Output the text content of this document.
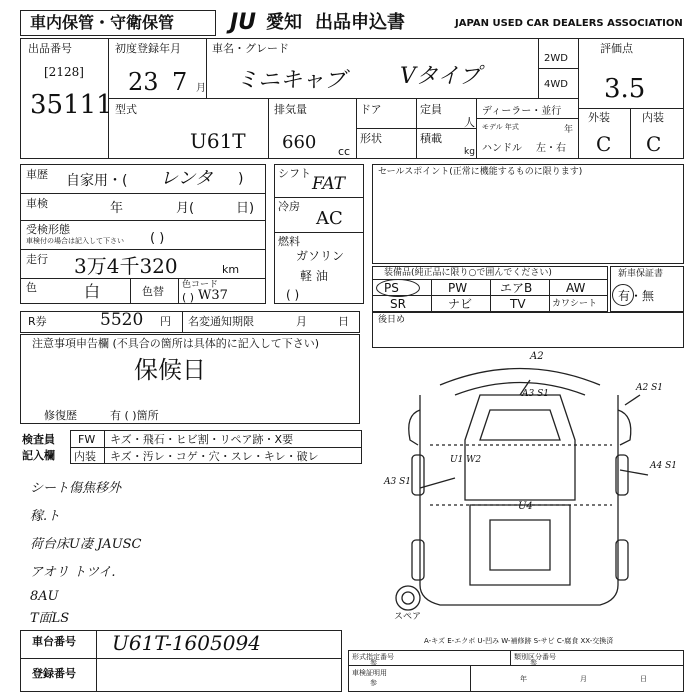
車内保管・守衛保管	JU 愛知 出品申込書	JAPAN USED CAR DEALERS ASSOCIATION
出品番号
[2128]
35111
初度登録年月
23 7 月
車名・グレード
ミニキャブ Vタイプ
2WD
4WD
評価点
3.5
外装	内装
C C
型式
U61T
排気量
660 cc
ドア
形状
定員
人
積載
kg
ディーラー・並行
モデル 年式	年
ハンドル 左・右
車歴 自家用・( レンタ )
車検	年	月(	日)
受検形態
車検付の場合は記入して下さい ( )
走行 3万4千320	km
色	白	色替 色コード
( ) W37
R券	5520 円 名変通知期限	月	日
注意事項申告欄 (不具合の箇所は具体的に記入して下さい)
保候日
修復歴	有 ( )箇所
シフト
FAT
冷房
AC
燃料
ガソリン
軽 油
( )
セールスポイント(正常に機能するものに限ります)
装備品(純正品に限り○で囲んでください)
PS	PW	エアB	AW
SR	ナビ	TV	カワシート
新車保証書
有・無
後日め
検査員
記入欄
FW キズ・飛石・ヒビ割・リペア跡・X要
内装 キズ・汚レ・コゲ・穴・スレ・キレ・破レ
シート傷焦移外
稼.ト
荷台床U凄 JAUSC
アオリ トツイ.
8AU
T面LS
A2
A3 S1
A3 S1
U1 W2
A4 S1
U4
A2 S1
スペア
A-キズ E-エクボ U-凹み W-補修跡 S-サビ C-腐食 XX-交換済
車台番号 U61T-1605094
登録番号
形式指定番号
参
類別区分番号
参
車検証明用
参	年	月	日
